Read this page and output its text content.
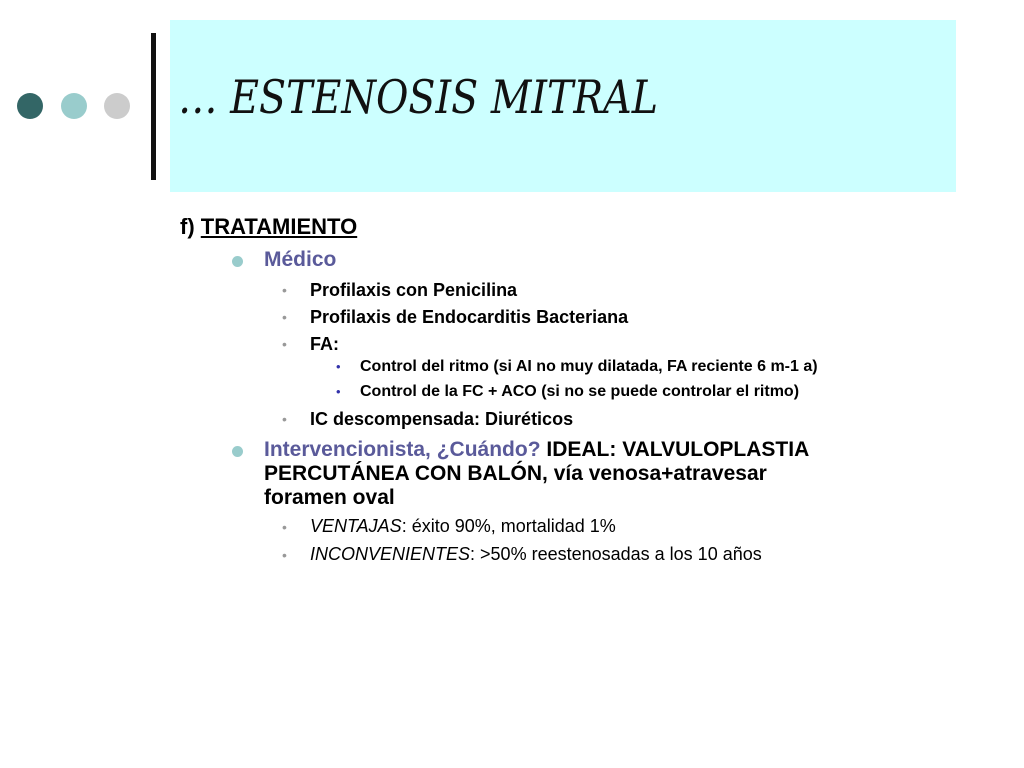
… ESTENOSIS MITRAL
f) TRATAMIENTO
Médico
• Profilaxis con Penicilina
• Profilaxis de Endocarditis Bacteriana
• FA:
• Control del ritmo (si AI no muy dilatada, FA reciente 6 m-1 a)
• Control de la FC + ACO (si no se puede controlar el ritmo)
• IC descompensada: Diuréticos
Intervencionista, ¿Cuándo? IDEAL: VALVULOPLASTIA
PERCUTÁNEA CON BALÓN, vía venosa+atravesar
foramen oval
• VENTAJAS: éxito 90%, mortalidad 1%
• INCONVENIENTES: >50% reestenosadas a los 10 años
